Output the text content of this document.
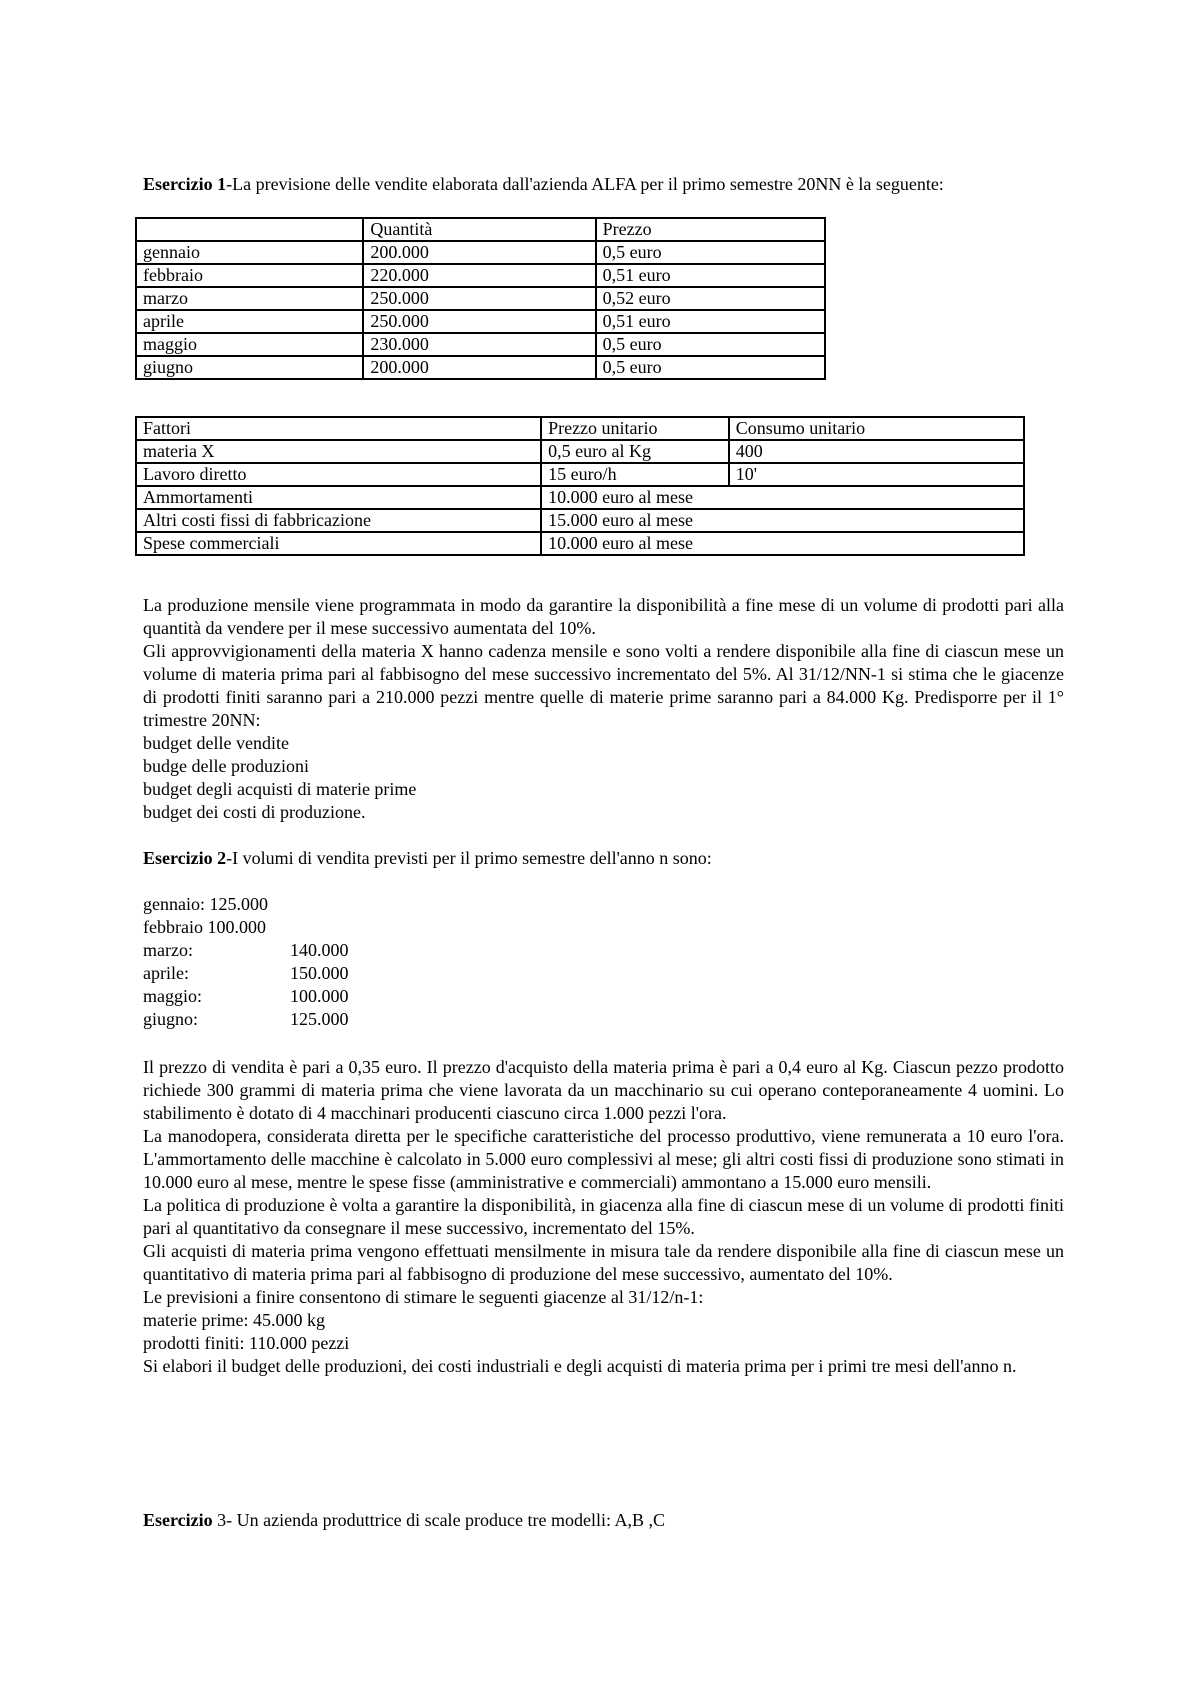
Esercizio 1-La previsione delle vendite elaborata dall'azienda ALFA per il primo semestre 20NN è la seguente:
	Quantità	Prezzo
gennaio	200.000	0,5 euro
febbraio	220.000	0,51 euro
marzo	250.000	0,52 euro
aprile	250.000	0,51 euro
maggio	230.000	0,5 euro
giugno	200.000	0,5 euro
Fattori	Prezzo unitario	Consumo unitario
materia X	0,5 euro al Kg	400
Lavoro diretto	15 euro/h	10'
Ammortamenti	10.000 euro al mese	
Altri costi fissi di fabbricazione	15.000 euro al mese	
Spese commerciali	10.000 euro al mese	

La produzione mensile viene programmata in modo da garantire la disponibilità a fine mese di un volume di prodotti pari alla quantità da vendere per il mese successivo aumentata del 10%.

Gli approvvigionamenti della materia X hanno cadenza mensile e sono volti a rendere disponibile alla fine di ciascun mese un volume di materia prima pari al fabbisogno del mese successivo incrementato del 5%. Al 31/12/NN-1 si stima che le giacenze di prodotti finiti saranno pari a 210.000 pezzi mentre quelle di materie prime saranno pari a 84.000 Kg. Predisporre per il 1° trimestre 20NN:

budget delle vendite
budge delle produzioni
budget degli acquisti di materie prime
budget dei costi di produzione.
Esercizio 2-I volumi di vendita previsti per il primo semestre dell'anno n sono:
gennaio: 125.000
febbraio 100.000
marzo:	140.000
aprile:	150.000
maggio:	100.000
giugno:	125.000

Il prezzo di vendita è pari a 0,35 euro. Il prezzo d'acquisto della materia prima è pari a 0,4 euro al Kg. Ciascun pezzo prodotto richiede 300 grammi di materia prima che viene lavorata da un macchinario su cui operano conteporaneamente 4 uomini. Lo stabilimento è dotato di 4 macchinari producenti ciascuno circa 1.000 pezzi l'ora.

La manodopera, considerata diretta per le specifiche caratteristiche del processo produttivo, viene remunerata a 10 euro l'ora. L'ammortamento delle macchine è calcolato in 5.000 euro complessivi al mese; gli altri costi fissi di produzione sono stimati in 10.000 euro al mese, mentre le spese fisse (amministrative e commerciali) ammontano a 15.000 euro mensili.

La politica di produzione è volta a garantire la disponibilità, in giacenza alla fine di ciascun mese di un volume di prodotti finiti pari al quantitativo da consegnare il mese successivo, incrementato del 15%.

Gli acquisti di materia prima vengono effettuati mensilmente in misura tale da rendere disponibile alla fine di ciascun mese un quantitativo di materia prima pari al fabbisogno di produzione del mese successivo, aumentato del 10%.

Le previsioni a finire consentono di stimare le seguenti giacenze al 31/12/n-1:

materie prime: 45.000 kg
prodotti finiti: 110.000 pezzi

Si elabori il budget delle produzioni, dei costi industriali e degli acquisti di materia prima per i primi tre mesi dell'anno n.

Esercizio 3- Un azienda produttrice di scale produce tre modelli: A,B ,C
